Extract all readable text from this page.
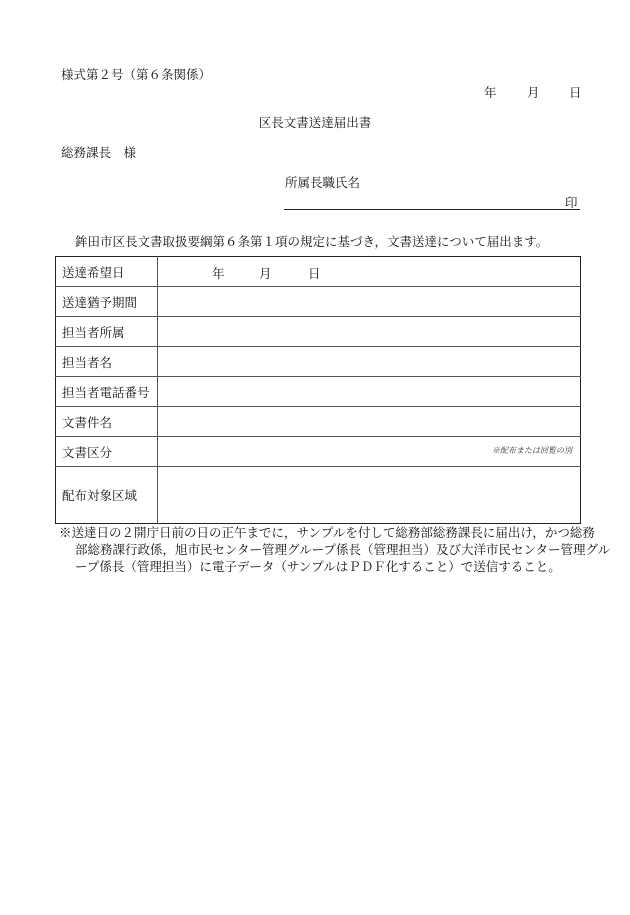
様式第２号（第６条関係）
年 月 日
区長文書送達届出書
総務課長　様
所属長職氏名
印
鉾田市区長文書取扱要綱第６条第１項の規定に基づき，文書送達について届出ます。
送達希望日	年 月 日

送達猶予期間	
担当者所属	
担当者名	
担当者電話番号	
文書件名	
文書区分	※配布または回覧の別

配布対象区域	
※送達日の２開庁日前の日の正午までに，サンプルを付して総務部総務課長に届出け，かつ総務
部総務課行政係，旭市民センター管理グループ係長（管理担当）及び大洋市民センター管理グル
ープ係長（管理担当）に電子データ（サンプルはＰＤＦ化すること）で送信すること。
